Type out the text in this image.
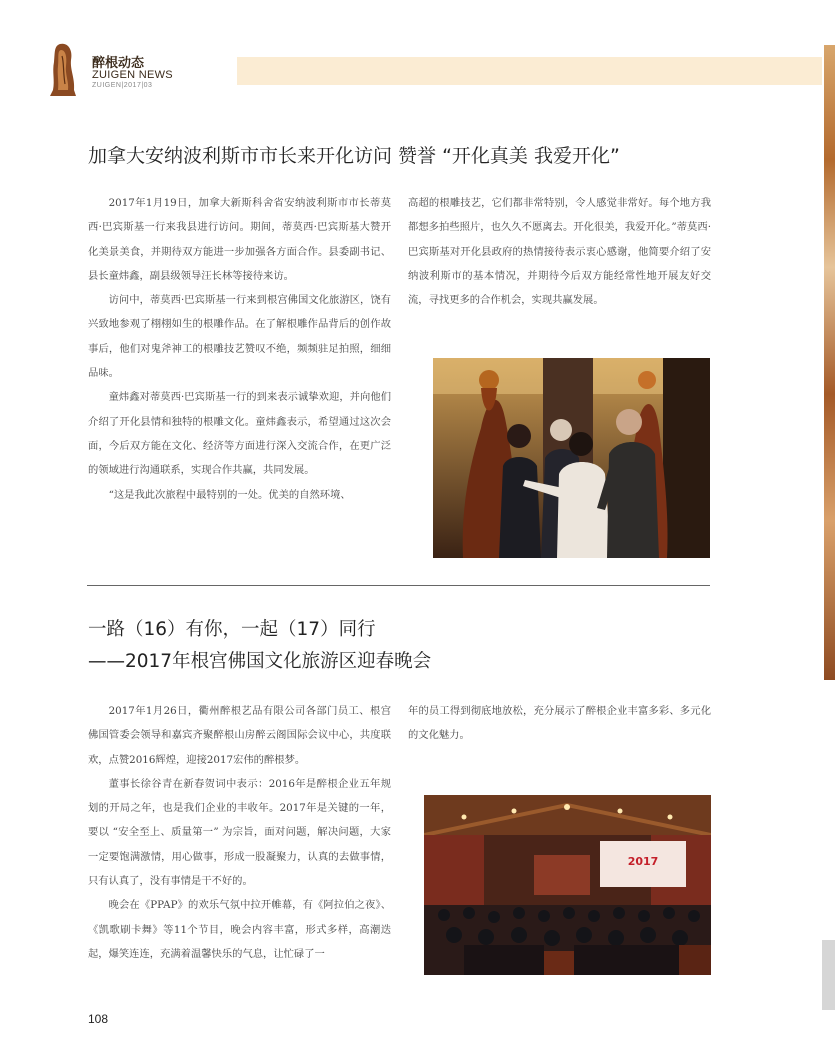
醉根动态
ZUIGEN NEWS
ZUIGEN|2017|03
加拿大安纳波利斯市市长来开化访问 赞誉 “开化真美 我爱开化”

2017年1月19日，加拿大新斯科舍省安纳波利斯市市长蒂莫西·巴宾斯基一行来我县进行访问。期间，蒂莫西·巴宾斯基大赞开化美景美食，并期待双方能进一步加强各方面合作。县委副书记、县长童炜鑫，副县级领导汪长林等接待来访。

访问中，蒂莫西·巴宾斯基一行来到根宫佛国文化旅游区，饶有兴致地参观了栩栩如生的根雕作品。在了解根雕作品背后的创作故事后，他们对鬼斧神工的根雕技艺赞叹不绝，频频驻足拍照，细细品味。

童炜鑫对蒂莫西·巴宾斯基一行的到来表示诚挚欢迎，并向他们介绍了开化县情和独特的根雕文化。童炜鑫表示，希望通过这次会面，今后双方能在文化、经济等方面进行深入交流合作，在更广泛的领域进行沟通联系，实现合作共赢，共同发展。

“这是我此次旅程中最特别的一处。优美的自然环境、

高超的根雕技艺，它们都非常特别，令人感觉非常好。每个地方我都想多拍些照片，也久久不愿离去。开化很美，我爱开化。”蒂莫西·巴宾斯基对开化县政府的热情接待表示衷心感谢，他简要介绍了安纳波利斯市的基本情况，并期待今后双方能经常性地开展友好交流，寻找更多的合作机会，实现共赢发展。

一路（16）有你，一起（17）同行
——2017年根宫佛国文化旅游区迎春晚会

2017年1月26日，衢州醉根艺品有限公司各部门员工、根宫佛国管委会领导和嘉宾齐聚醉根山房醉云阁国际会议中心，共度联欢，点赞2016辉煌，迎接2017宏伟的醉根梦。

董事长徐谷青在新春贺词中表示：2016年是醉根企业五年规划的开局之年，也是我们企业的丰收年。2017年是关键的一年，要以 “安全至上、质量第一” 为宗旨，面对问题，解决问题，大家一定要饱满激情，用心做事，形成一股凝聚力，认真的去做事情，只有认真了，没有事情是干不好的。

晚会在《PPAP》的欢乐气氛中拉开帷幕，有《阿拉伯之夜》、《凯歌刷卡舞》等11个节目，晚会内容丰富，形式多样，高潮迭起，爆笑连连，充满着温馨快乐的气息，让忙碌了一

年的员工得到彻底地放松，充分展示了醉根企业丰富多彩、多元化的文化魅力。

2017
108
